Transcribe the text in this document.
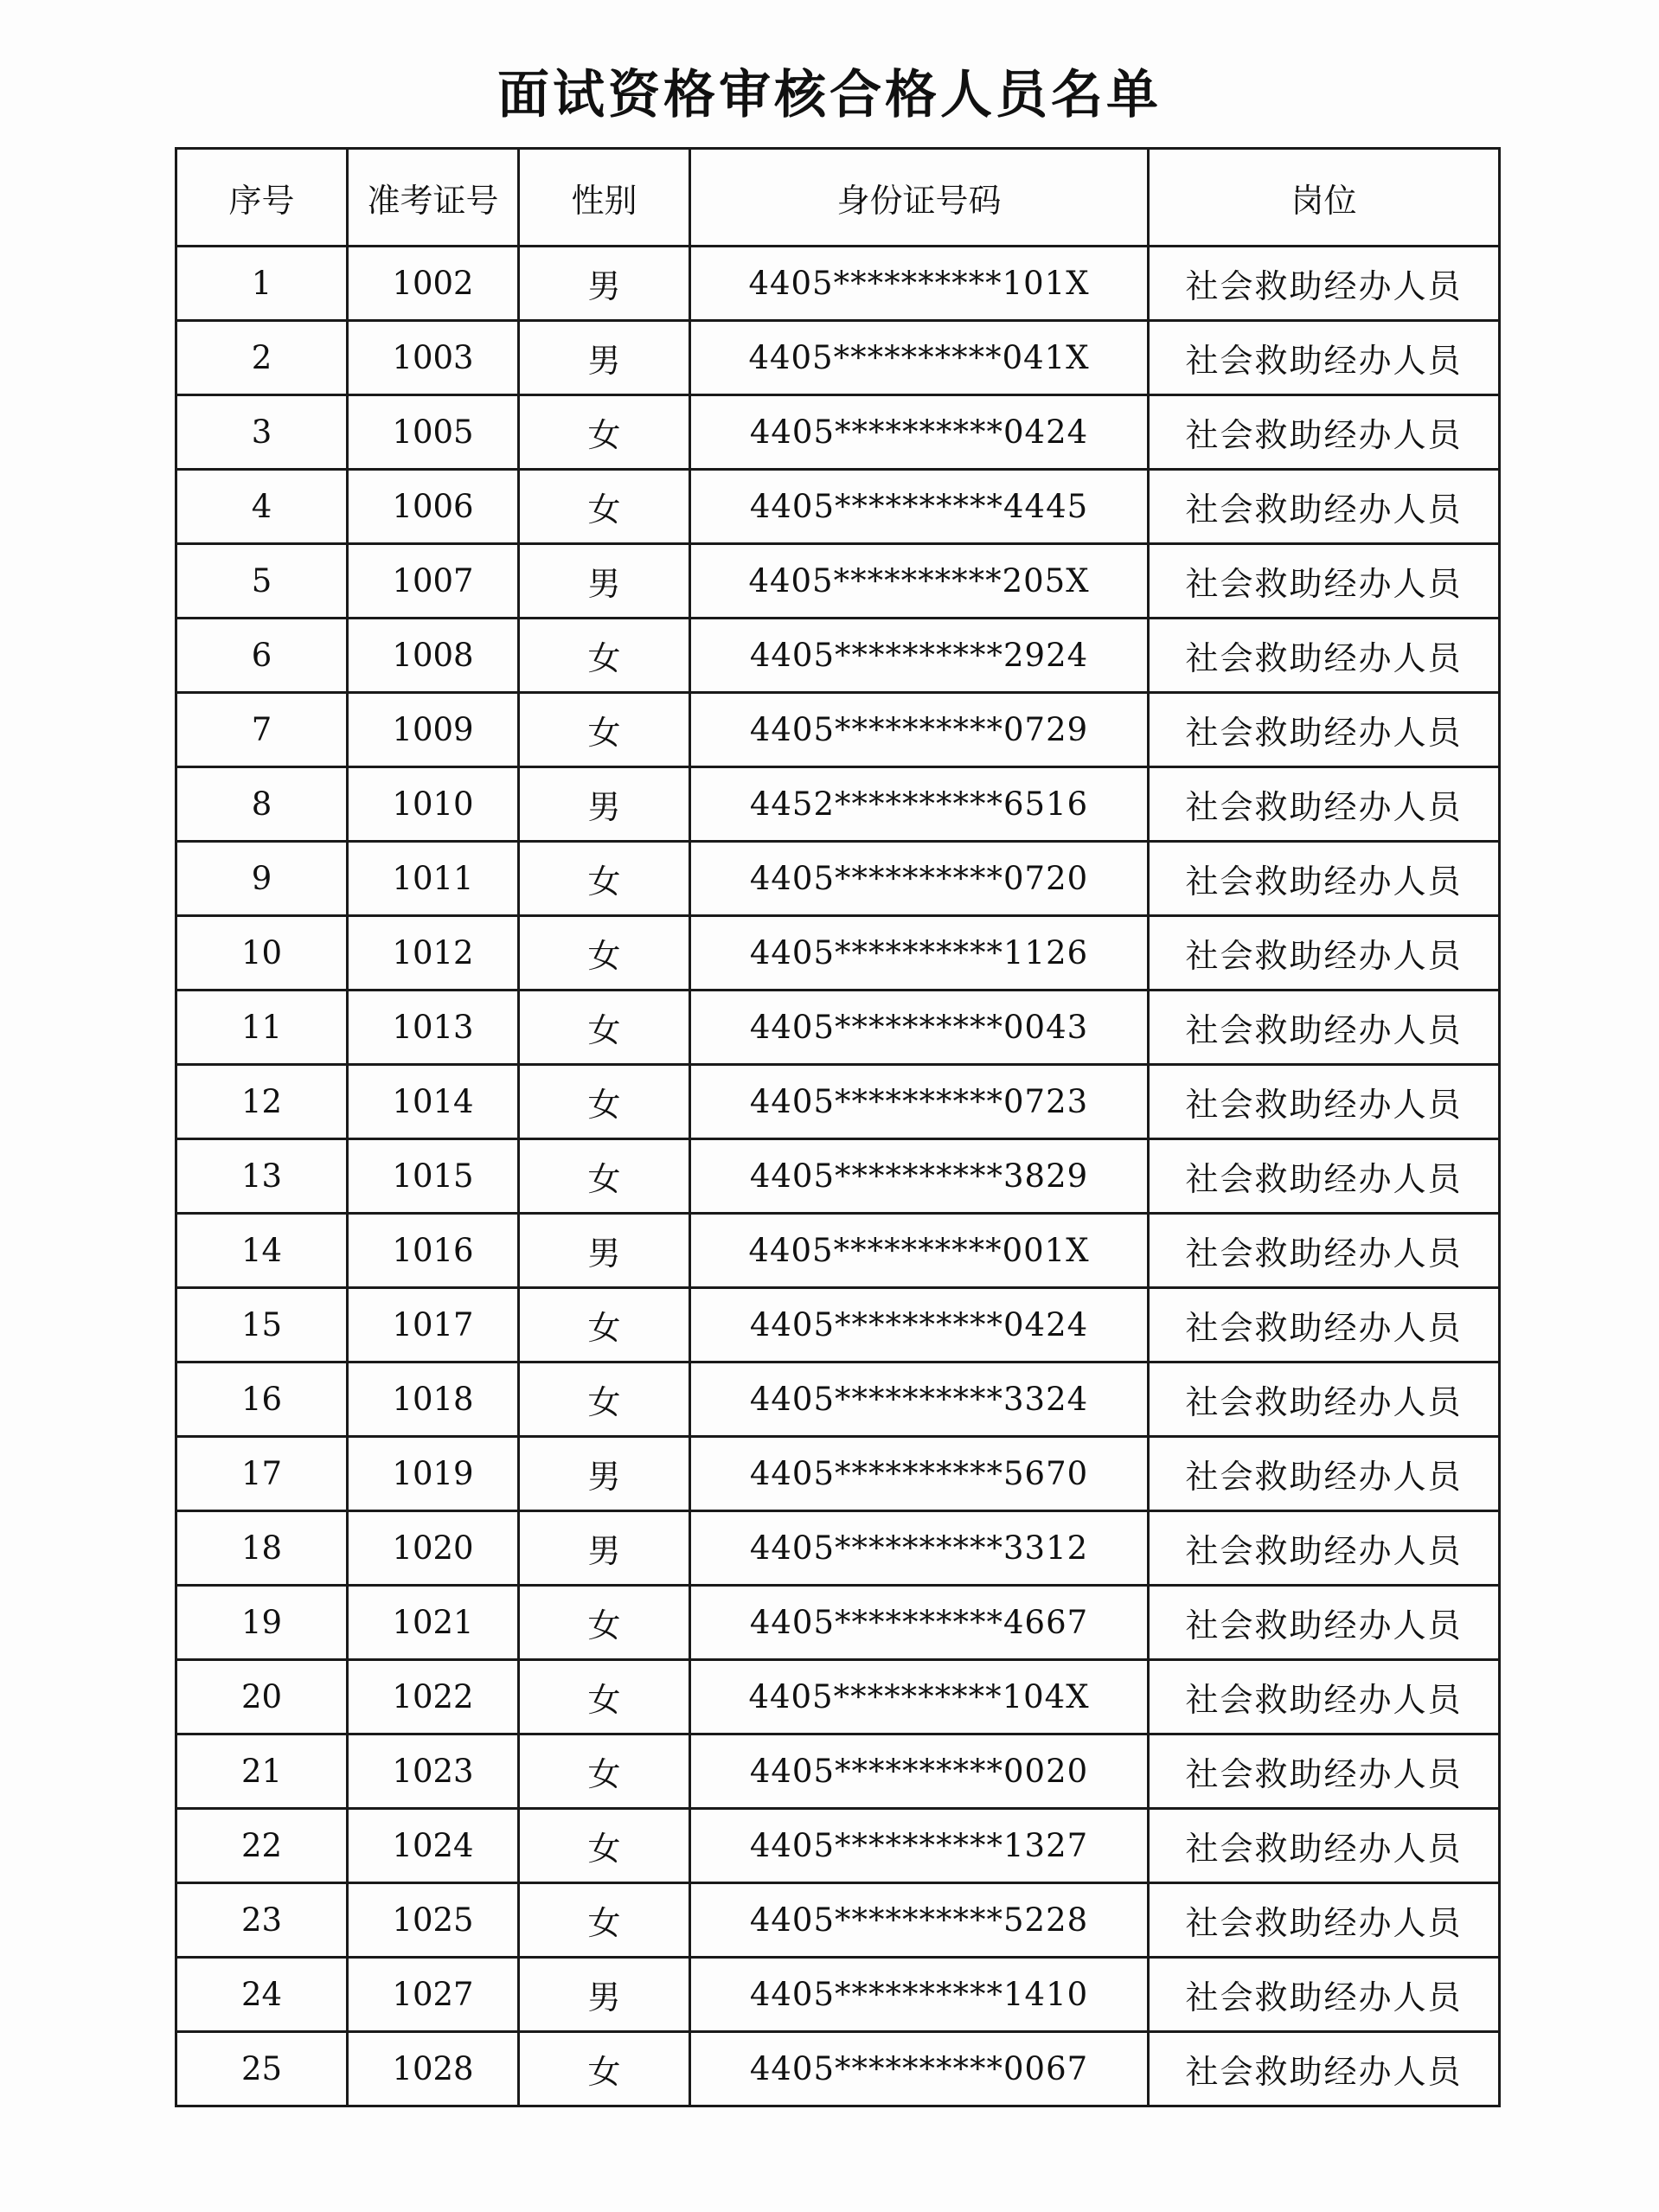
面试资格审核合格人员名单
序号	准考证号	性别	身份证号码	岗位
1	1002	男	4405**********101X	社会救助经办人员
2	1003	男	4405**********041X	社会救助经办人员
3	1005	女	4405**********0424	社会救助经办人员
4	1006	女	4405**********4445	社会救助经办人员
5	1007	男	4405**********205X	社会救助经办人员
6	1008	女	4405**********2924	社会救助经办人员
7	1009	女	4405**********0729	社会救助经办人员
8	1010	男	4452**********6516	社会救助经办人员
9	1011	女	4405**********0720	社会救助经办人员
10	1012	女	4405**********1126	社会救助经办人员
11	1013	女	4405**********0043	社会救助经办人员
12	1014	女	4405**********0723	社会救助经办人员
13	1015	女	4405**********3829	社会救助经办人员
14	1016	男	4405**********001X	社会救助经办人员
15	1017	女	4405**********0424	社会救助经办人员
16	1018	女	4405**********3324	社会救助经办人员
17	1019	男	4405**********5670	社会救助经办人员
18	1020	男	4405**********3312	社会救助经办人员
19	1021	女	4405**********4667	社会救助经办人员
20	1022	女	4405**********104X	社会救助经办人员
21	1023	女	4405**********0020	社会救助经办人员
22	1024	女	4405**********1327	社会救助经办人员
23	1025	女	4405**********5228	社会救助经办人员
24	1027	男	4405**********1410	社会救助经办人员
25	1028	女	4405**********0067	社会救助经办人员
